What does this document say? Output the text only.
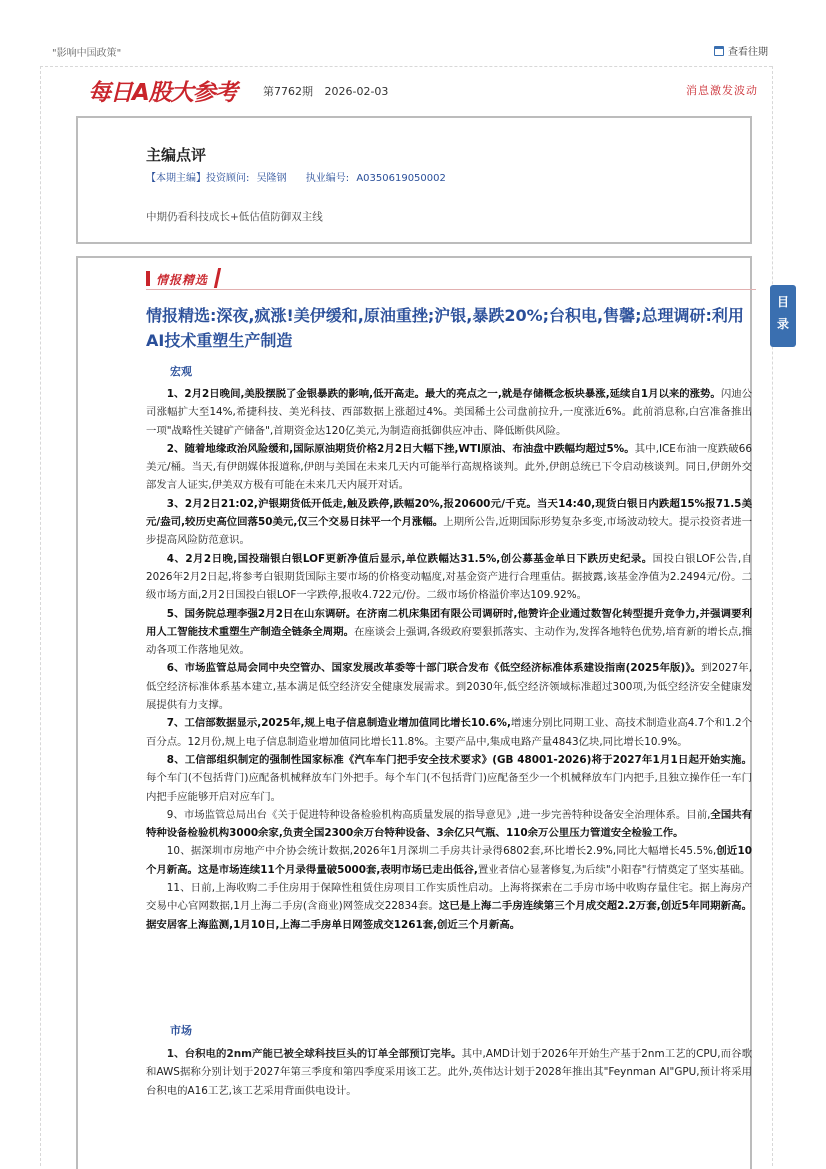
"影响中国政策"	查看往期
每日A股大参考 第7762期 2026-02-03	消息激发波动
主编点评
【本期主编】投资顾问: 吴隆钢 执业编号: A0350619050002
中期仍看科技成长+低估值防御双主线
情报精选
情报精选:深夜,疯涨!美伊缓和,原油重挫;沪银,暴跌20%;台积电,售馨;总理调研:利用AI技术重塑生产制造
宏观

1、2月2日晚间,美股摆脱了金银暴跌的影响,低开高走。最大的亮点之一,就是存储概念板块暴涨,延续自1月以来的涨势。闪迪公司涨幅扩大至14%,希捷科技、美光科技、西部数据上涨超过4%。美国稀土公司盘前拉升,一度涨近6%。此前消息称,白宫准备推出一项"战略性关键矿产储备",首期资金达120亿美元,为制造商抵御供应冲击、降低断供风险。

2、随着地缘政治风险缓和,国际原油期货价格2月2日大幅下挫,WTI原油、布油盘中跌幅均超过5%。其中,ICE布油一度跌破66美元/桶。当天,有伊朗媒体报道称,伊朗与美国在未来几天内可能举行高规格谈判。此外,伊朗总统已下令启动核谈判。同日,伊朗外交部发言人证实,伊美双方极有可能在未来几天内展开对话。

3、2月2日21:02,沪银期货低开低走,触及跌停,跌幅20%,报20600元/千克。当天14:40,现货白银日内跌超15%报71.5美元/盎司,较历史高位回落50美元,仅三个交易日抹平一个月涨幅。上期所公告,近期国际形势复杂多变,市场波动较大。提示投资者进一步提高风险防范意识。

4、2月2日晚,国投瑞银白银LOF更新净值后显示,单位跌幅达31.5%,创公募基金单日下跌历史纪录。国投白银LOF公告,自2026年2月2日起,将参考白银期货国际主要市场的价格变动幅度,对基金资产进行合理重估。据披露,该基金净值为2.2494元/份。二级市场方面,2月2日国投白银LOF一字跌停,报收4.722元/份。二级市场价格溢价率达109.92%。

5、国务院总理李强2月2日在山东调研。在济南二机床集团有限公司调研时,他赞许企业通过数智化转型提升竞争力,并强调要利用人工智能技术重塑生产制造全链条全周期。在座谈会上强调,各级政府要狠抓落实、主动作为,发挥各地特色优势,培育新的增长点,推动各项工作落地见效。

6、市场监管总局会同中央空管办、国家发展改革委等十部门联合发布《低空经济标准体系建设指南(2025年版)》。到2027年,低空经济标准体系基本建立,基本满足低空经济安全健康发展需求。到2030年,低空经济领域标准超过300项,为低空经济安全健康发展提供有力支撑。

7、工信部数据显示,2025年,规上电子信息制造业增加值同比增长10.6%,增速分别比同期工业、高技术制造业高4.7个和1.2个百分点。12月份,规上电子信息制造业增加值同比增长11.8%。主要产品中,集成电路产量4843亿块,同比增长10.9%。

8、工信部组织制定的强制性国家标准《汽车车门把手安全技术要求》(GB 48001-2026)将于2027年1月1日起开始实施。每个车门(不包括背门)应配备机械释放车门外把手。每个车门(不包括背门)应配备至少一个机械释放车门内把手,且独立操作任一车门内把手应能够开启对应车门。

9、市场监管总局出台《关于促进特种设备检验机构高质量发展的指导意见》,进一步完善特种设备安全治理体系。目前,全国共有特种设备检验机构3000余家,负责全国2300余万台特种设备、3余亿只气瓶、110余万公里压力管道安全检验工作。

10、据深圳市房地产中介协会统计数据,2026年1月深圳二手房共计录得6802套,环比增长2.9%,同比大幅增长45.5%,创近10个月新高。这是市场连续11个月录得量破5000套,表明市场已走出低谷,置业者信心显著修复,为后续"小阳春"行情奠定了坚实基础。

11、日前,上海收购二手住房用于保障性租赁住房项目工作实质性启动。上海将探索在二手房市场中收购存量住宅。据上海房产交易中心官网数据,1月上海二手房(含商业)网签成交22834套。这已是上海二手房连续第三个月成交超2.2万套,创近5年同期新高。据安居客上海监测,1月10日,上海二手房单日网签成交1261套,创近三个月新高。

市场

1、台积电的2nm产能已被全球科技巨头的订单全部预订完毕。其中,AMD计划于2026年开始生产基于2nm工艺的CPU,而谷歌和AWS据称分别计划于2027年第三季度和第四季度采用该工艺。此外,英伟达计划于2028年推出其"Feynman AI"GPU,预计将采用台积电的A16工艺,该工艺采用背面供电设计。

目
录
